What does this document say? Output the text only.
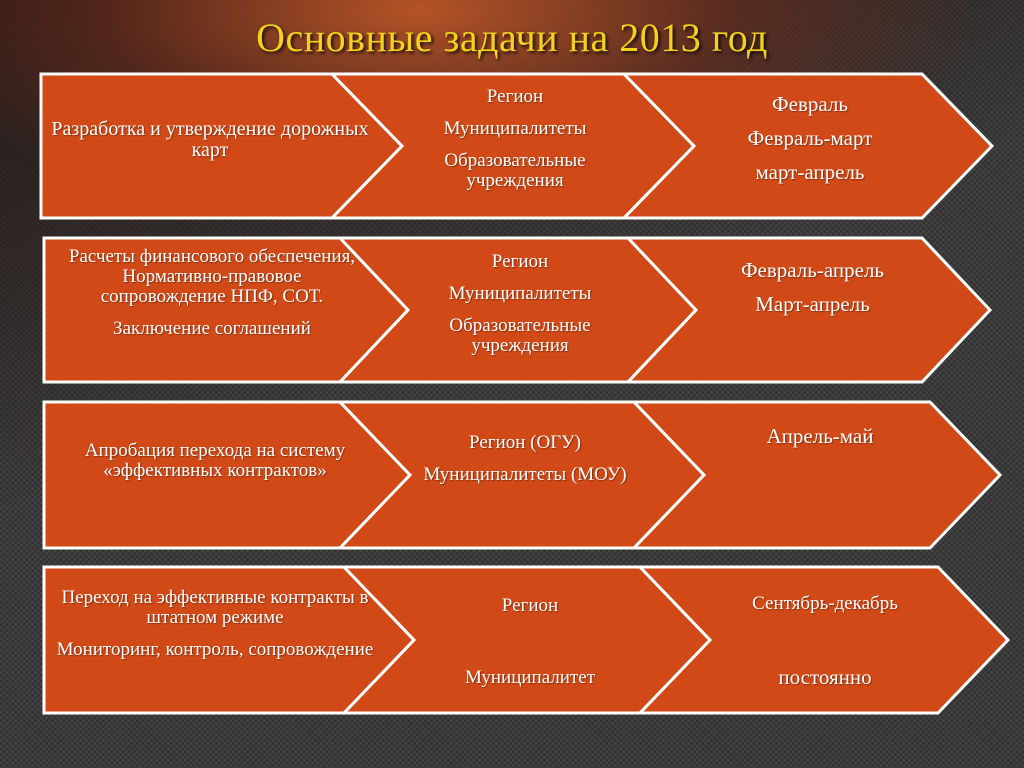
Основные задачи на 2013 год

Разработка и утверждение дорожных карт

Регион

Муниципалитеты

Образовательные учреждения

Февраль

Февраль-март

март-апрель

Расчеты финансового обеспечения, Нормативно-правовое сопровождение НПФ, СОТ.

Заключение соглашений

Регион

Муниципалитеты

Образовательные учреждения

Февраль-апрель

Март-апрель

Апробация перехода на систему «эффективных контрактов»

Регион (ОГУ)

Муниципалитеты (МОУ)

Апрель-май

Переход на эффективные контракты в штатном режиме

Мониторинг, контроль, сопровождение

Регион

Муниципалитет

Сентябрь-декабрь

постоянно
